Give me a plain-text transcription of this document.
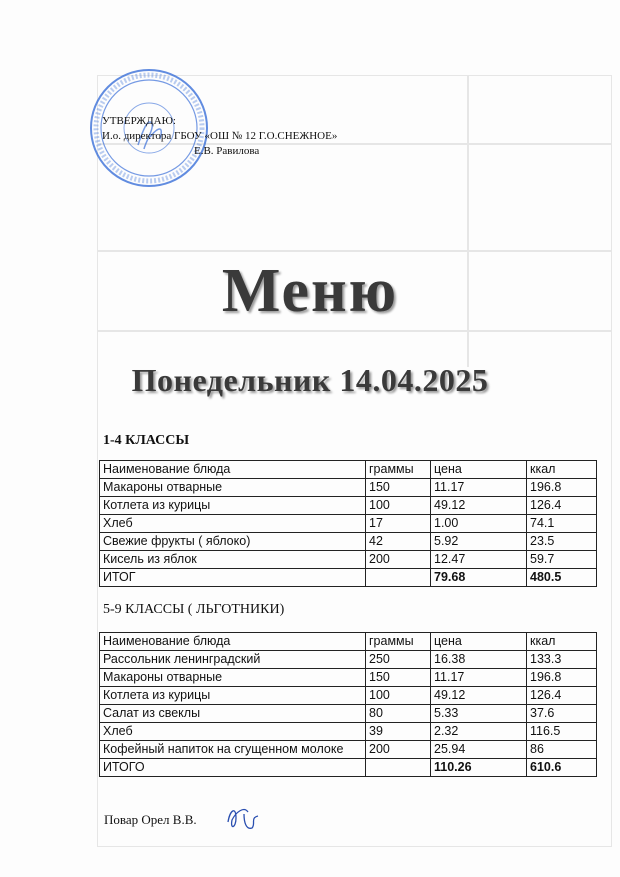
УТВЕРЖДАЮ:
И.о. директора ГБОУ «ОШ № 12 Г.О.СНЕЖНОЕ»
Е.В. Равилова
Меню
Понедельник 14.04.2025
1-4 КЛАССЫ
Наименование блюда	граммы	цена	ккал
Макароны отварные	150	11.17	196.8
Котлета из курицы	100	49.12	126.4
Хлеб	17	1.00	74.1
Свежие фрукты ( яблоко)	42	5.92	23.5
Кисель из яблок	200	12.47	59.7
ИТОГ		79.68	480.5
5-9 КЛАССЫ ( ЛЬГОТНИКИ)
Наименование блюда	граммы	цена	ккал
Рассольник ленинградский	250	16.38	133.3
Макароны отварные	150	11.17	196.8
Котлета из курицы	100	49.12	126.4
Салат из свеклы	80	5.33	37.6
Хлеб	39	2.32	116.5
Кофейный напиток на сгущенном молоке	200	25.94	86
ИТОГО		110.26	610.6
Повар Орел В.В.
